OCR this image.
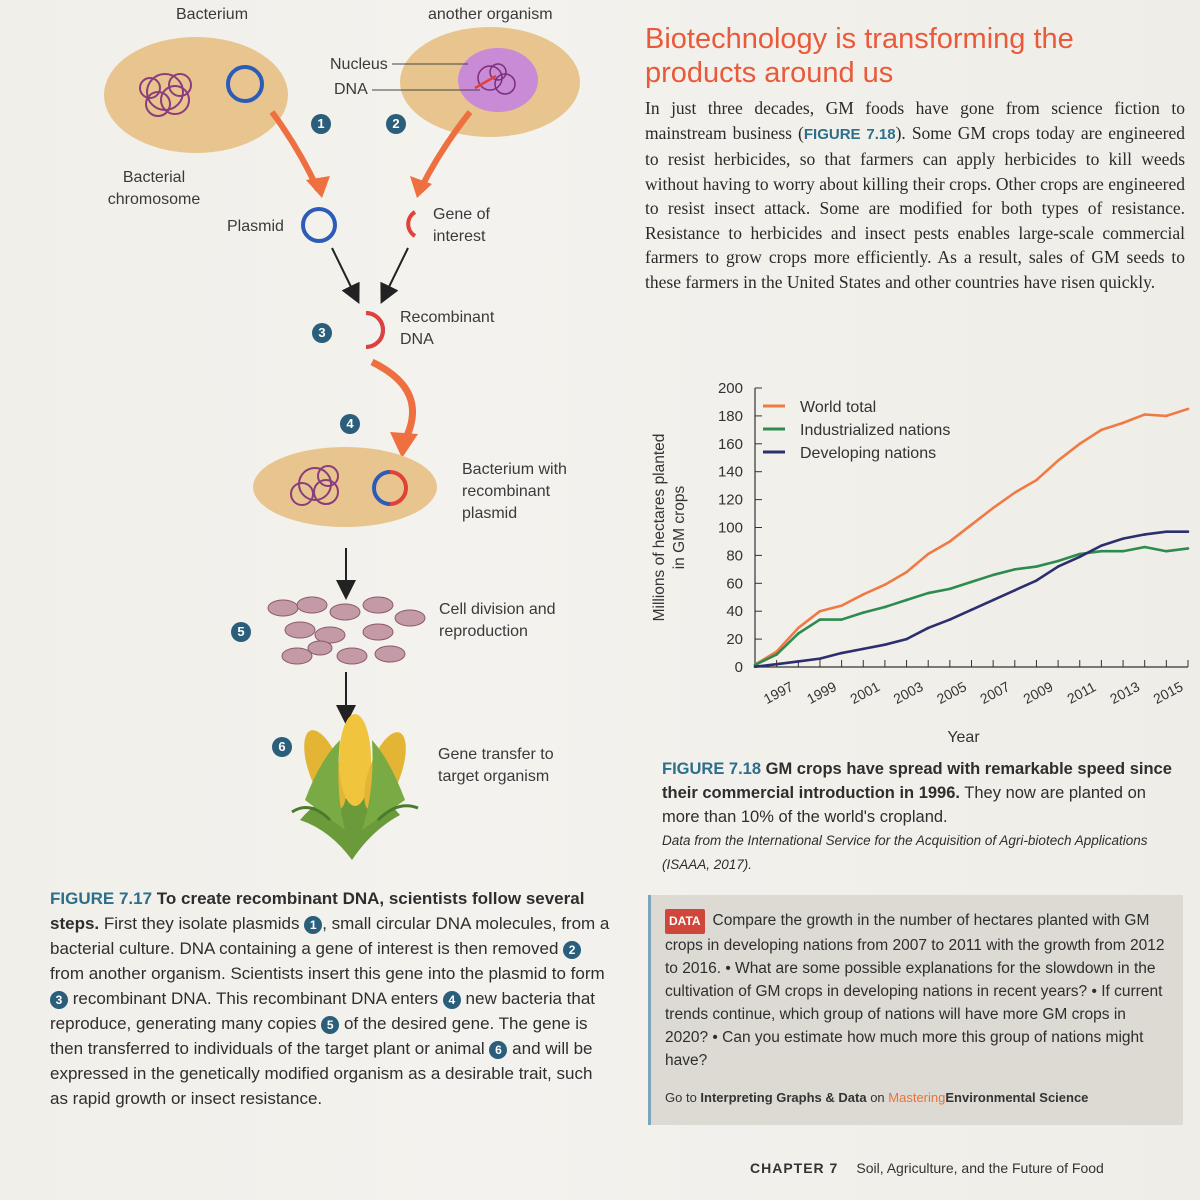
Bacterium	another organism
Nucleus
DNA
Bacterial chromosome
Plasmid
Gene of interest
Recombinant DNA
Bacterium with recombinant plasmid
Cell division and reproduction
Gene transfer to target organism
1	2
3
4
5
6
FIGURE 7.17 To create recombinant DNA, scientists follow several steps. First they isolate plasmids 1 , small circular DNA molecules, from a bacterial culture. DNA containing a gene of interest is then removed 2 from another organism. Scientists insert this gene into the plasmid to form 3 recombinant DNA. This recombinant DNA enters 4 new bacteria that reproduce, generating many copies 5 of the desired gene. The gene is then transferred to individuals of the target plant or animal 6 and will be expressed in the genetically modified organism as a desirable trait, such as rapid growth or insect resistance.
Biotechnology is transforming the products around us
In just three decades, GM foods have gone from science fiction to mainstream business (FIGURE 7.18). Some GM crops today are engineered to resist herbicides, so that farmers can apply herbicides to kill weeds without having to worry about killing their crops. Other crops are engineered to resist insect attack. Some are modified for both types of resistance. Resistance to herbicides and insect pests enables large-scale commercial farmers to grow crops more efficiently. As a result, sales of GM seeds to these farmers in the United States and other countries have risen quickly.
0
20
40
60
80
100
120
140
160
180
200
1997 1999 2001 2003 2005 2007 2009 2011 2013 2015
Year
Millions of hectares planted in GM crops
World total
Industrialized nations
Developing nations
FIGURE 7.18 GM crops have spread with remarkable speed since their commercial introduction in 1996. They now are planted on more than 10% of the world's cropland.
Data from the International Service for the Acquisition of Agri-biotech Applications (ISAAA, 2017).
DATA Compare the growth in the number of hectares planted with GM crops in developing nations from 2007 to 2011 with the growth from 2012 to 2016. • What are some possible explanations for the slowdown in the cultivation of GM crops in developing nations in recent years? • If current trends continue, which group of nations will have more GM crops in 2020? • Can you estimate how much more this group of nations might have?
Go to Interpreting Graphs & Data on MasteringEnvironmental Science
CHAPTER 7 Soil, Agriculture, and the Future of Food
